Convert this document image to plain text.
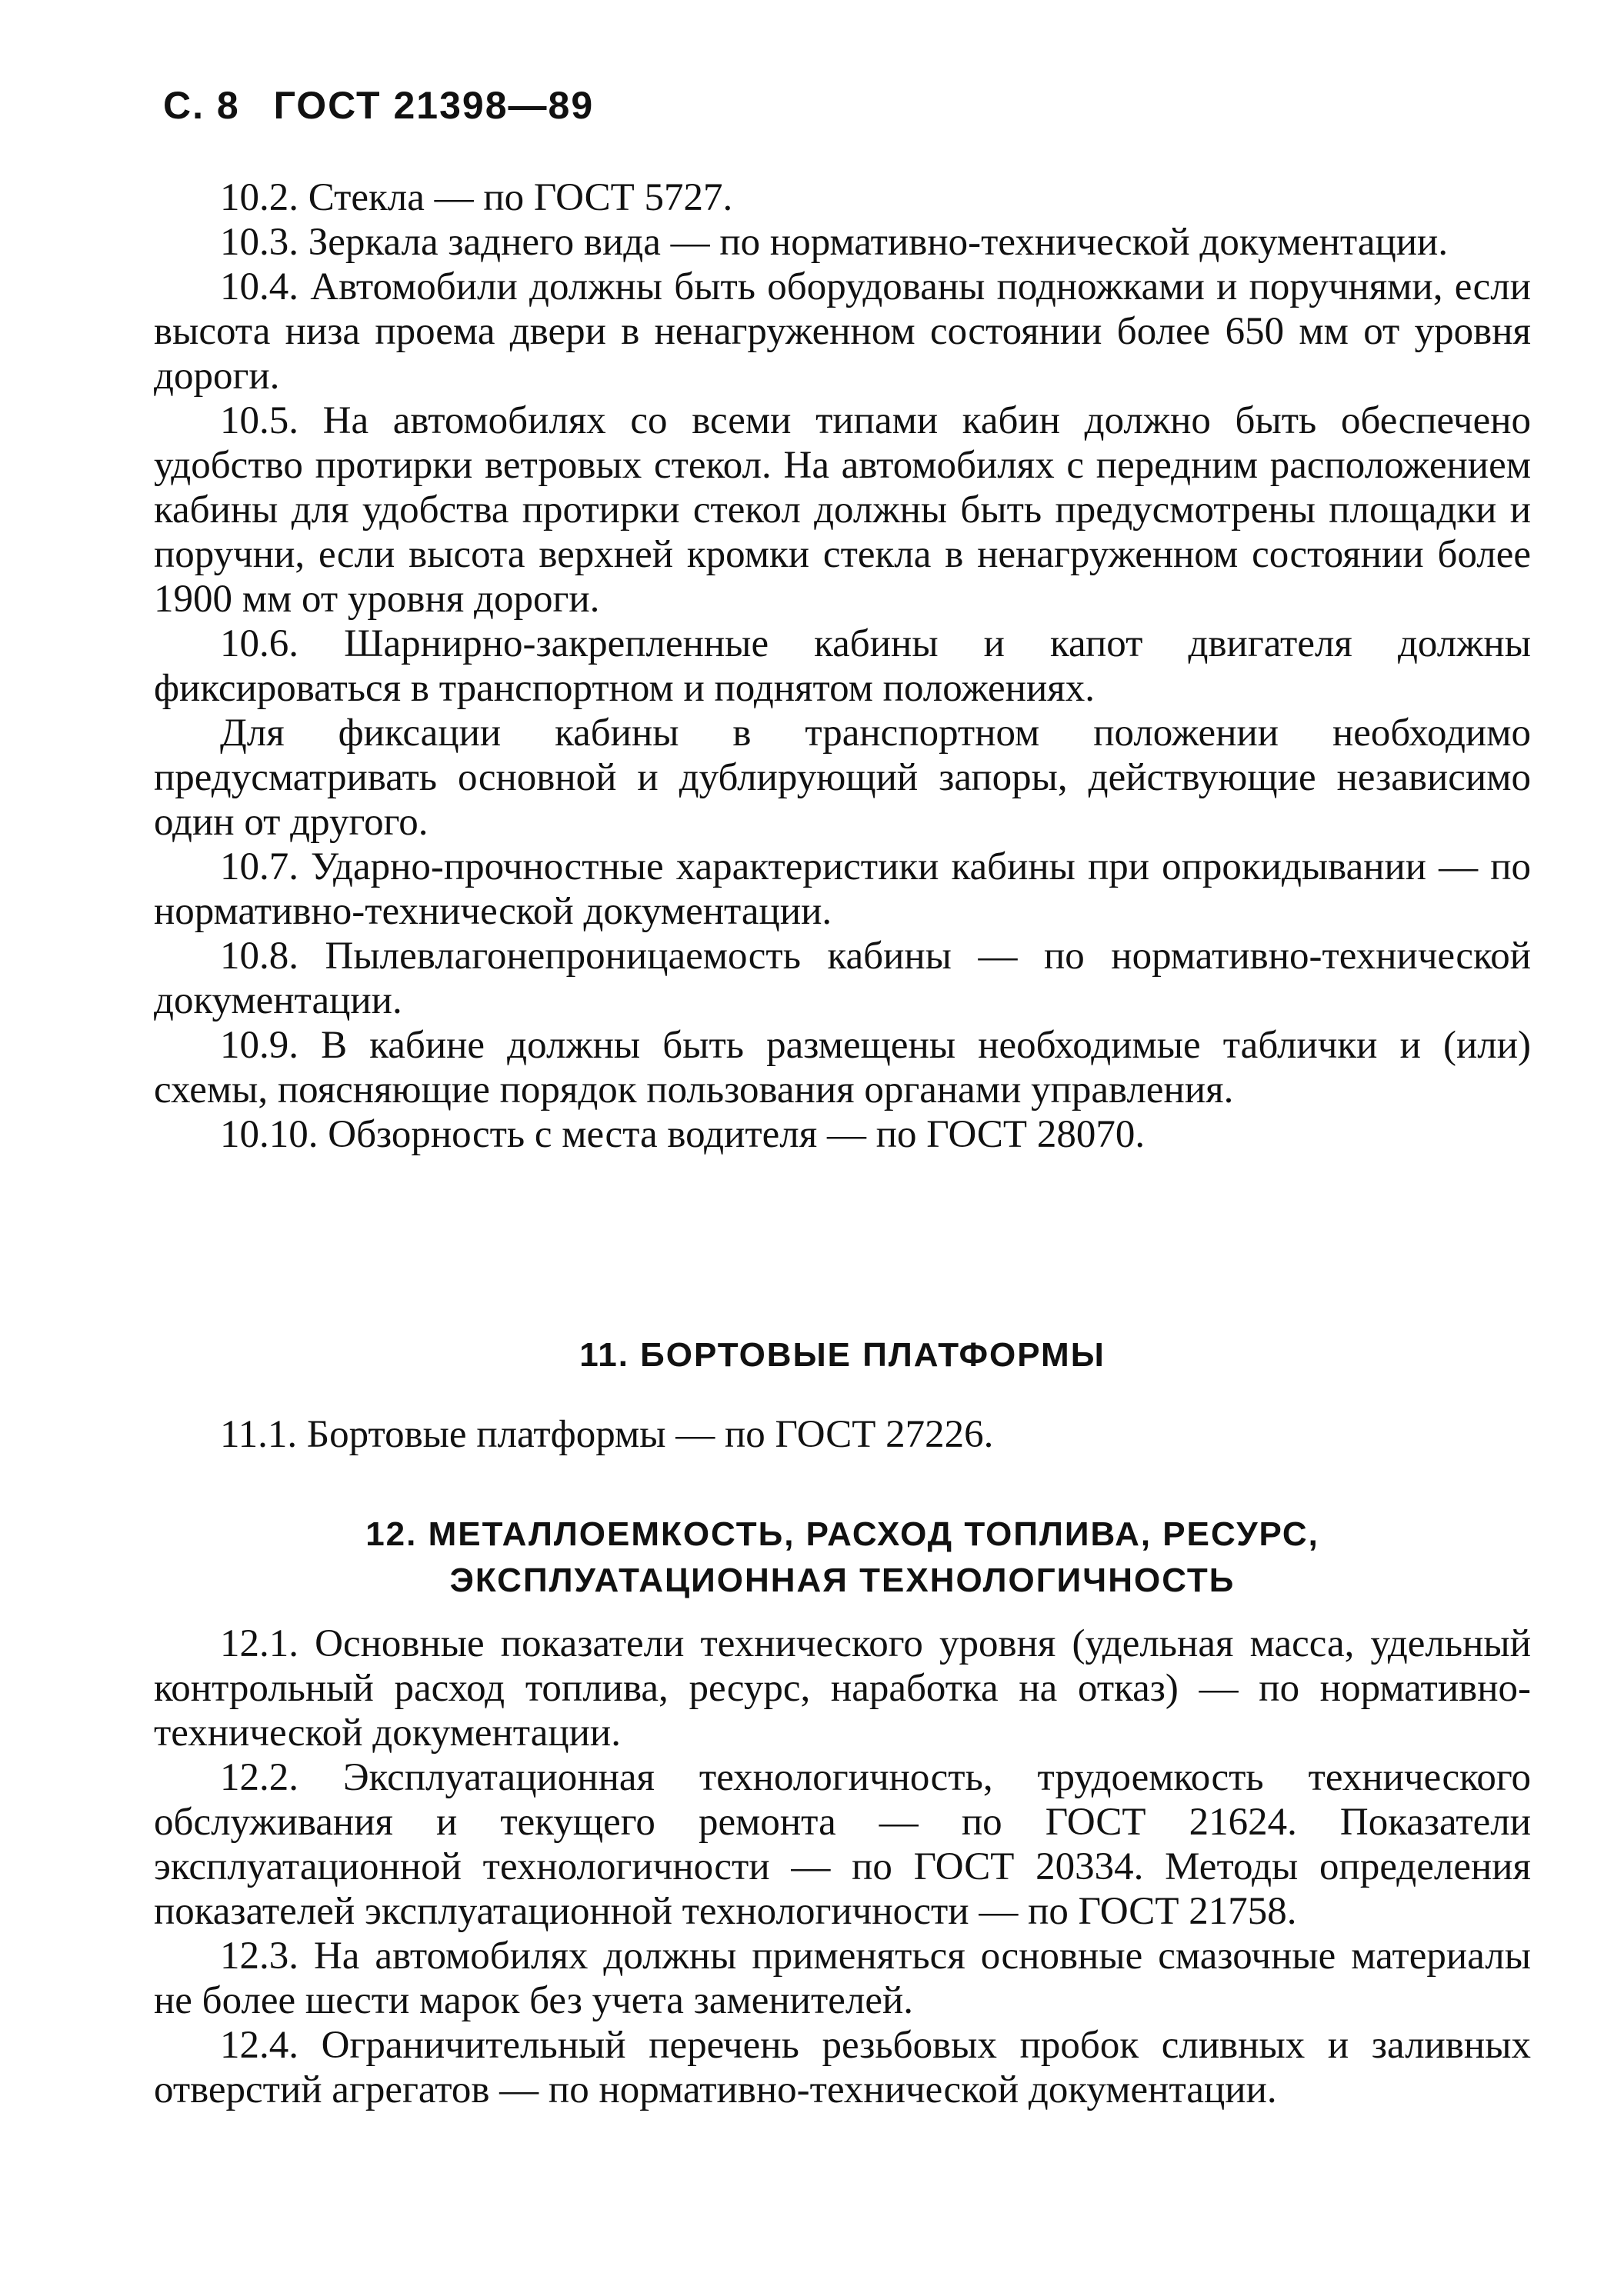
С. 8 ГОСТ 21398—89

10.2. Стекла — по ГОСТ 5727.

10.3. Зеркала заднего вида — по нормативно-технической документации.

10.4. Автомобили должны быть оборудованы подножками и поручнями, если высота низа проема двери в ненагруженном состоянии более 650 мм от уровня дороги.

10.5. На автомобилях со всеми типами кабин должно быть обеспечено удобство протирки ветровых стекол. На автомобилях с передним расположением кабины для удобства протирки стекол должны быть предусмотрены площадки и поручни, если высота верхней кромки стекла в ненагруженном состоянии более 1900 мм от уровня дороги.

10.6. Шарнирно-закрепленные кабины и капот двигателя должны фиксироваться в транспортном и поднятом положениях.

Для фиксации кабины в транспортном положении необходимо предусматривать основной и дублирующий запоры, действующие независимо один от другого.

10.7. Ударно-прочностные характеристики кабины при опрокидывании — по нормативно-технической документации.

10.8. Пылевлагонепроницаемость кабины — по нормативно-технической документации.

10.9. В кабине должны быть размещены необходимые таблички и (или) схемы, поясняющие порядок пользования органами управления.

10.10. Обзорность с места водителя — по ГОСТ 28070.

11. БОРТОВЫЕ ПЛАТФОРМЫ

11.1. Бортовые платформы — по ГОСТ 27226.

12. МЕТАЛЛОЕМКОСТЬ, РАСХОД ТОПЛИВА, РЕСУРС,
ЭКСПЛУАТАЦИОННАЯ ТЕХНОЛОГИЧНОСТЬ

12.1. Основные показатели технического уровня (удельная масса, удельный контрольный расход топлива, ресурс, наработка на отказ) — по нормативно-технической документации.

12.2. Эксплуатационная технологичность, трудоемкость технического обслуживания и текущего ремонта — по ГОСТ 21624. Показатели эксплуатационной технологичности — по ГОСТ 20334. Методы определения показателей эксплуатационной технологичности — по ГОСТ 21758.

12.3. На автомобилях должны применяться основные смазочные материалы не более шести марок без учета заменителей.

12.4. Ограничительный перечень резьбовых пробок сливных и заливных отверстий агрегатов — по нормативно-технической документации.
